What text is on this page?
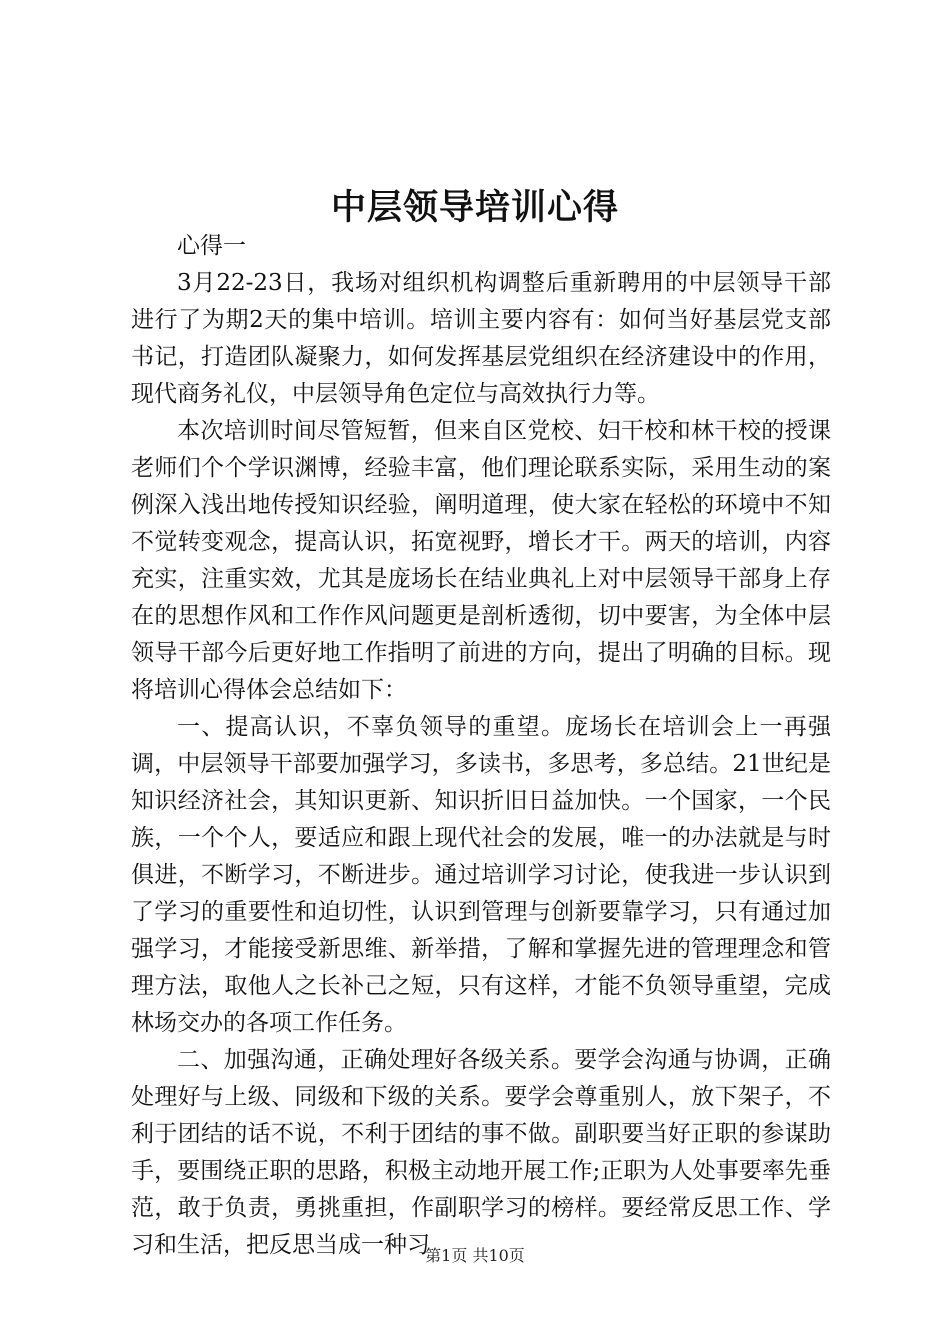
中层领导培训心得

心得一

3月22-23日，我场对组织机构调整后重新聘用的中层领导干部进行了为期2天的集中培训。培训主要内容有：如何当好基层党支部书记，打造团队凝聚力，如何发挥基层党组织在经济建设中的作用，现代商务礼仪，中层领导角色定位与高效执行力等。

本次培训时间尽管短暂，但来自区党校、妇干校和林干校的授课老师们个个学识渊博，经验丰富，他们理论联系实际，采用生动的案例深入浅出地传授知识经验，阐明道理，使大家在轻松的环境中不知不觉转变观念，提高认识，拓宽视野，增长才干。两天的培训，内容充实，注重实效，尤其是庞场长在结业典礼上对中层领导干部身上存在的思想作风和工作作风问题更是剖析透彻，切中要害，为全体中层领导干部今后更好地工作指明了前进的方向，提出了明确的目标。现将培训心得体会总结如下：

一、提高认识，不辜负领导的重望。庞场长在培训会上一再强调，中层领导干部要加强学习，多读书，多思考，多总结。21世纪是知识经济社会，其知识更新、知识折旧日益加快。一个国家，一个民族，一个个人，要适应和跟上现代社会的发展，唯一的办法就是与时俱进，不断学习，不断进步。通过培训学习讨论，使我进一步认识到了学习的重要性和迫切性，认识到管理与创新要靠学习，只有通过加强学习，才能接受新思维、新举措，了解和掌握先进的管理理念和管理方法，取他人之长补己之短，只有这样，才能不负领导重望，完成林场交办的各项工作任务。

二、加强沟通，正确处理好各级关系。要学会沟通与协调，正确处理好与上级、同级和下级的关系。要学会尊重别人，放下架子，不利于团结的话不说，不利于团结的事不做。副职要当好正职的参谋助手，要围绕正职的思路，积极主动地开展工作;正职为人处事要率先垂范，敢于负责，勇挑重担，作副职学习的榜样。要经常反思工作、学习和生活，把反思当成一种习

第1页 共10页
